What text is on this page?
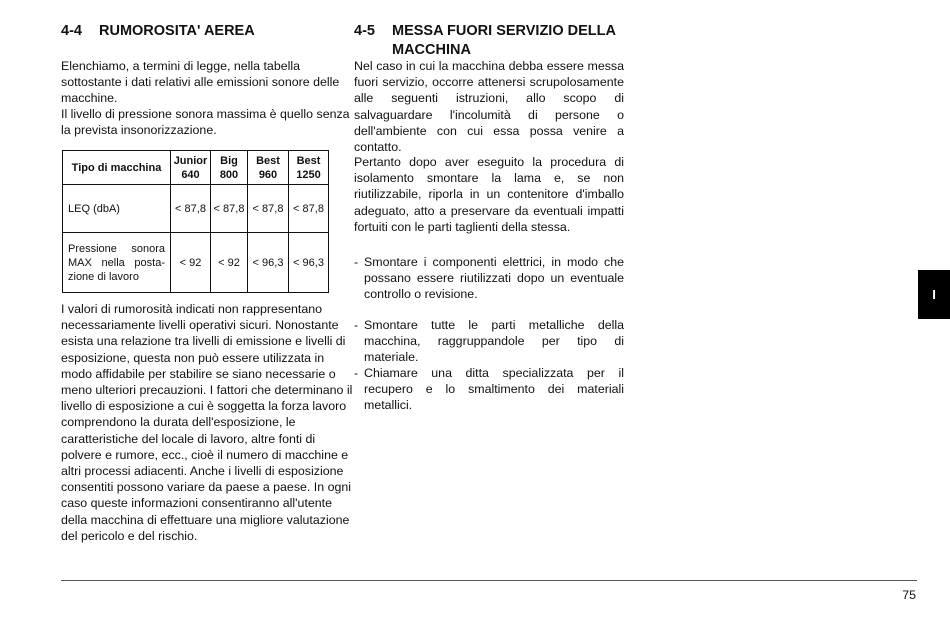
4-4 RUMOROSITA' AEREA
Elenchiamo, a termini di legge, nella tabella sottostante i dati relativi alle emissioni sonore delle macchine.
Il livello di pressione sonora massima è quello senza la prevista insonorizzazione.
Tipo di macchina	Junior 640	Big 800	Best 960	Best 1250
LEQ (dbA)	< 87,8	< 87,8	< 87,8	< 87,8
Pressione sonora MAX nella posta-zione di lavoro	< 92	< 92	< 96,3	< 96,3
I valori di rumorosità indicati non rappresentano necessariamente livelli operativi sicuri. Nonostante esista una relazione tra livelli di emissione e livelli di esposizione, questa non può essere utilizzata in modo affidabile per stabilire se siano necessarie o meno ulteriori precauzioni. I fattori che determinano il livello di esposizione a cui è soggetta la forza lavoro comprendono la durata dell'esposizione, le caratteristiche del locale di lavoro, altre fonti di polvere e rumore, ecc., cioè il numero di macchine e altri processi adiacenti. Anche i livelli di esposizione consentiti possono variare da paese a paese. In ogni caso queste informazioni consentiranno all'utente della macchina di effettuare una migliore valutazione del pericolo e del rischio.
4-5 MESSA FUORI SERVIZIO DELLA MACCHINA
Nel caso in cui la macchina debba essere messa fuori servizio, occorre attenersi scrupolosamente alle seguenti istruzioni, allo scopo di salvaguardare l'incolumità di persone o dell'ambiente con cui essa possa venire a contatto.
Pertanto dopo aver eseguito la procedura di isolamento smontare la lama e, se non riutilizzabile, riporla in un contenitore d'imballo adeguato, atto a preservare da eventuali impatti fortuiti con le parti taglienti della stessa.
- Smontare i componenti elettrici, in modo che possano essere riutilizzati dopo un eventuale controllo o revisione.
- Smontare tutte le parti metalliche della macchina, raggruppandole per tipo di materiale.
- Chiamare una ditta specializzata per il recupero e lo smaltimento dei materiali metallici.
I
75
